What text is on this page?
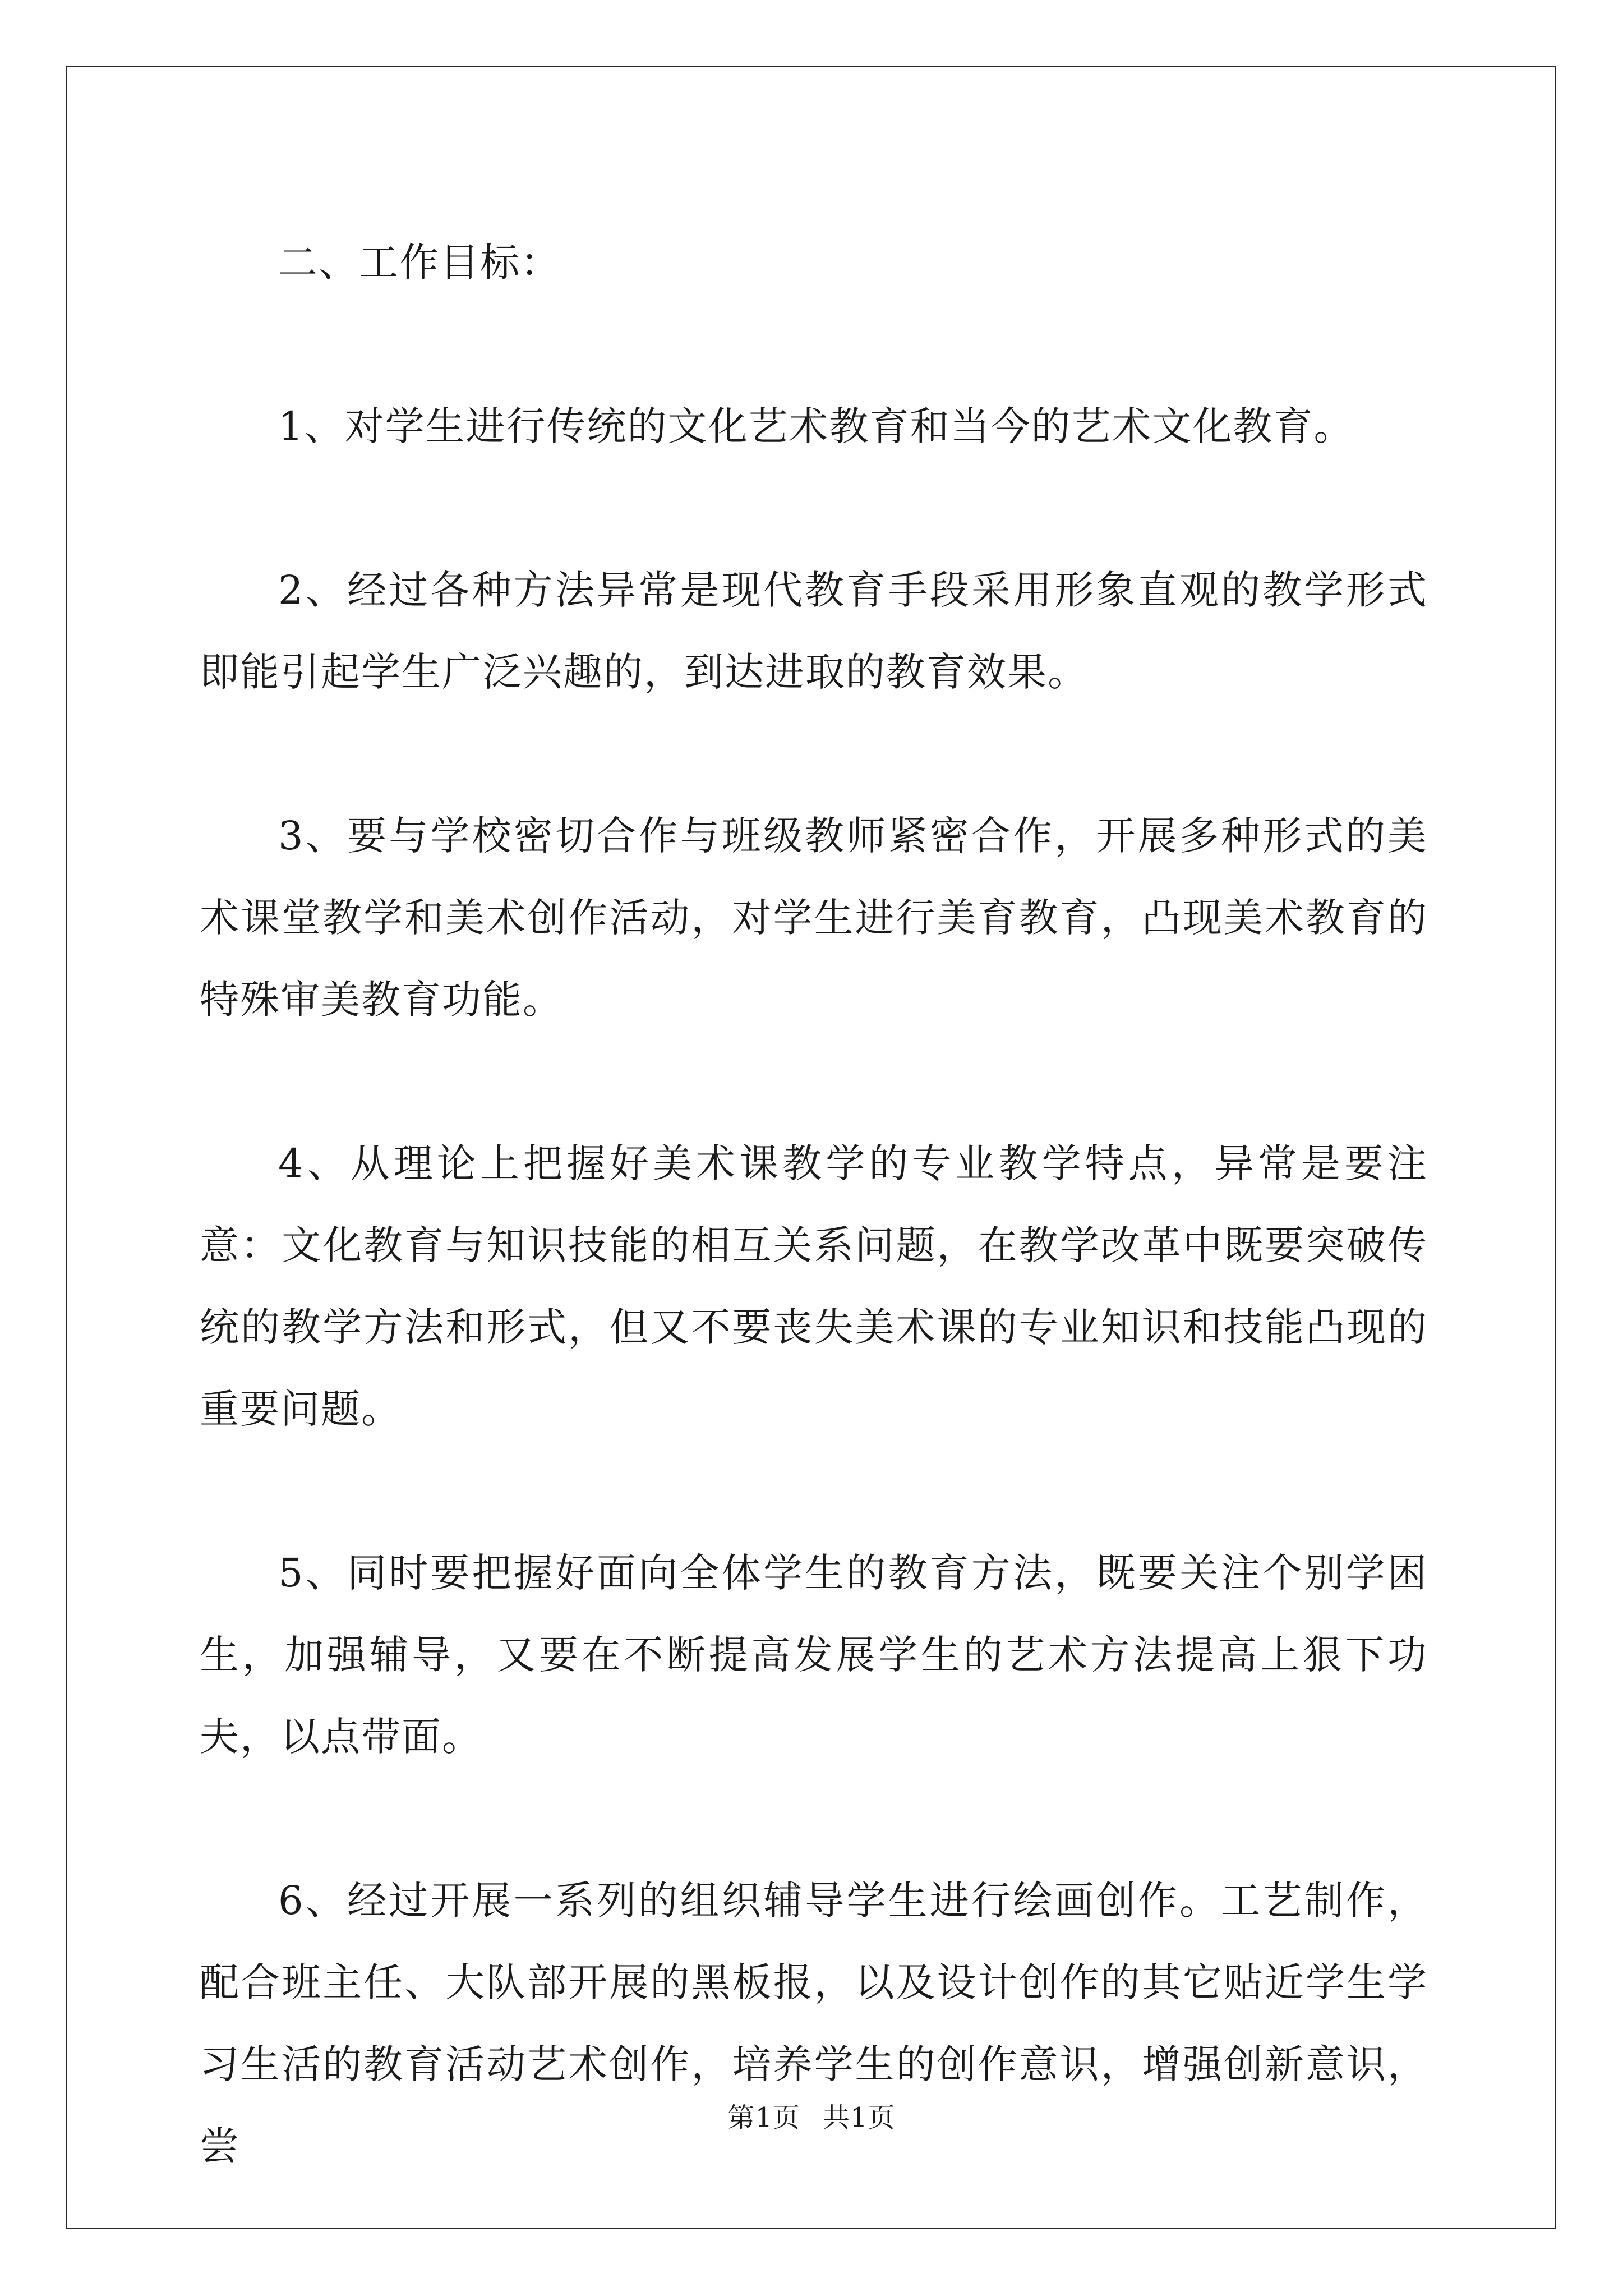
二、工作目标：

1、对学生进行传统的文化艺术教育和当今的艺术文化教育。

2、经过各种方法异常是现代教育手段采用形象直观的教学形式即能引起学生广泛兴趣的，到达进取的教育效果。

3、要与学校密切合作与班级教师紧密合作，开展多种形式的美术课堂教学和美术创作活动，对学生进行美育教育，凸现美术教育的特殊审美教育功能。

4、从理论上把握好美术课教学的专业教学特点，异常是要注意：文化教育与知识技能的相互关系问题，在教学改革中既要突破传统的教学方法和形式，但又不要丧失美术课的专业知识和技能凸现的重要问题。

5、同时要把握好面向全体学生的教育方法，既要关注个别学困生，加强辅导，又要在不断提高发展学生的艺术方法提高上狠下功夫，以点带面。

6、经过开展一系列的组织辅导学生进行绘画创作。工艺制作，配合班主任、大队部开展的黑板报，以及设计创作的其它贴近学生学习生活的教育活动艺术创作，培养学生的创作意识，增强创新意识，尝

第1页 共1页
